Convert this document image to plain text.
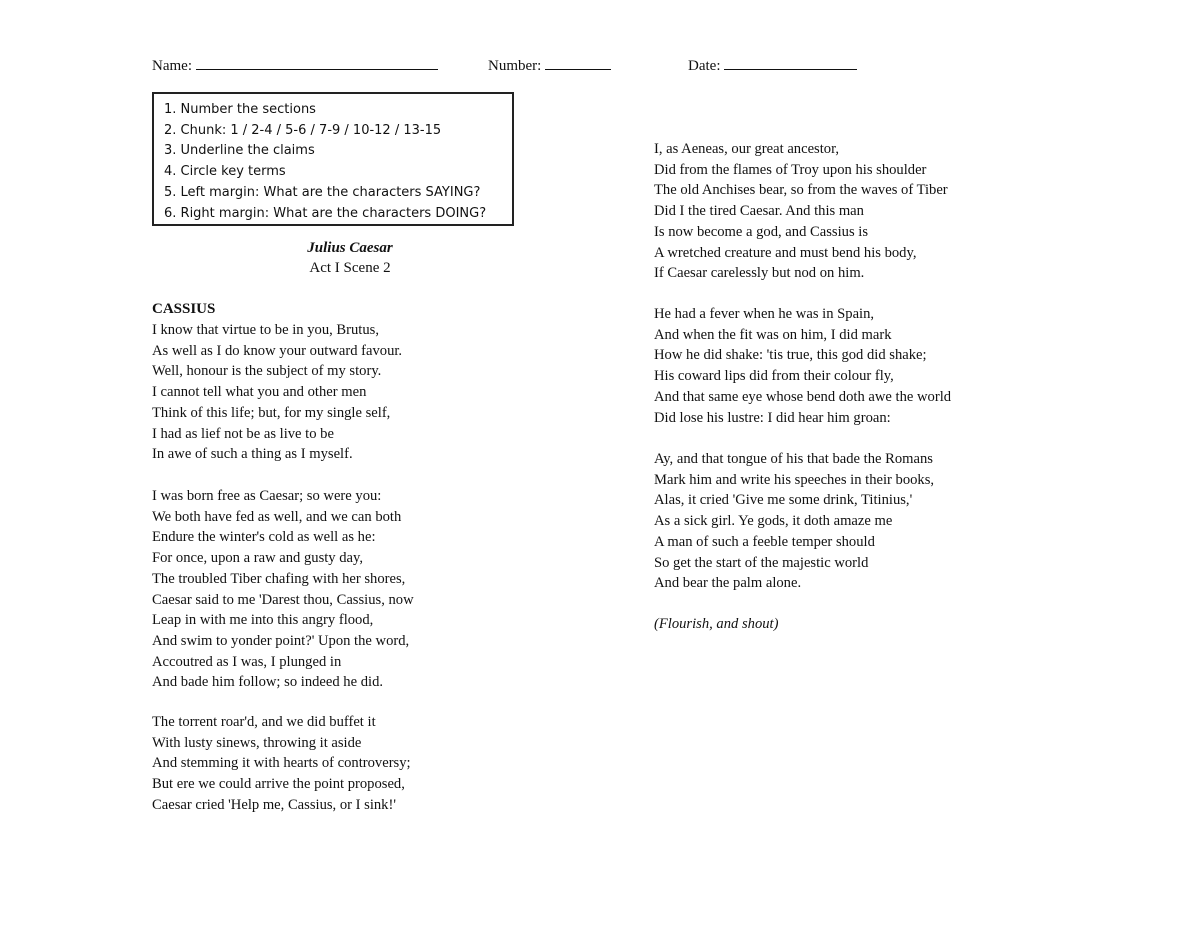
Name:	Number:	Date:
1. Number the sections
2. Chunk: 1 / 2-4 / 5-6 / 7-9 / 10-12 / 13-15
3. Underline the claims
4. Circle key terms
5. Left margin: What are the characters SAYING?
6. Right margin: What are the characters DOING?
Julius Caesar
Act I Scene 2
CASSIUS
I know that virtue to be in you, Brutus,
As well as I do know your outward favour.
Well, honour is the subject of my story.
I cannot tell what you and other men
Think of this life; but, for my single self,
I had as lief not be as live to be
In awe of such a thing as I myself.
I was born free as Caesar; so were you:
We both have fed as well, and we can both
Endure the winter's cold as well as he:
For once, upon a raw and gusty day,
The troubled Tiber chafing with her shores,
Caesar said to me 'Darest thou, Cassius, now
Leap in with me into this angry flood,
And swim to yonder point?' Upon the word,
Accoutred as I was, I plunged in
And bade him follow; so indeed he did.
The torrent roar'd, and we did buffet it
With lusty sinews, throwing it aside
And stemming it with hearts of controversy;
But ere we could arrive the point proposed,
Caesar cried 'Help me, Cassius, or I sink!'
I, as Aeneas, our great ancestor,
Did from the flames of Troy upon his shoulder
The old Anchises bear, so from the waves of Tiber
Did I the tired Caesar. And this man
Is now become a god, and Cassius is
A wretched creature and must bend his body,
If Caesar carelessly but nod on him.
He had a fever when he was in Spain,
And when the fit was on him, I did mark
How he did shake: 'tis true, this god did shake;
His coward lips did from their colour fly,
And that same eye whose bend doth awe the world
Did lose his lustre: I did hear him groan:
Ay, and that tongue of his that bade the Romans
Mark him and write his speeches in their books,
Alas, it cried 'Give me some drink, Titinius,'
As a sick girl. Ye gods, it doth amaze me
A man of such a feeble temper should
So get the start of the majestic world
And bear the palm alone.
(Flourish, and shout)
